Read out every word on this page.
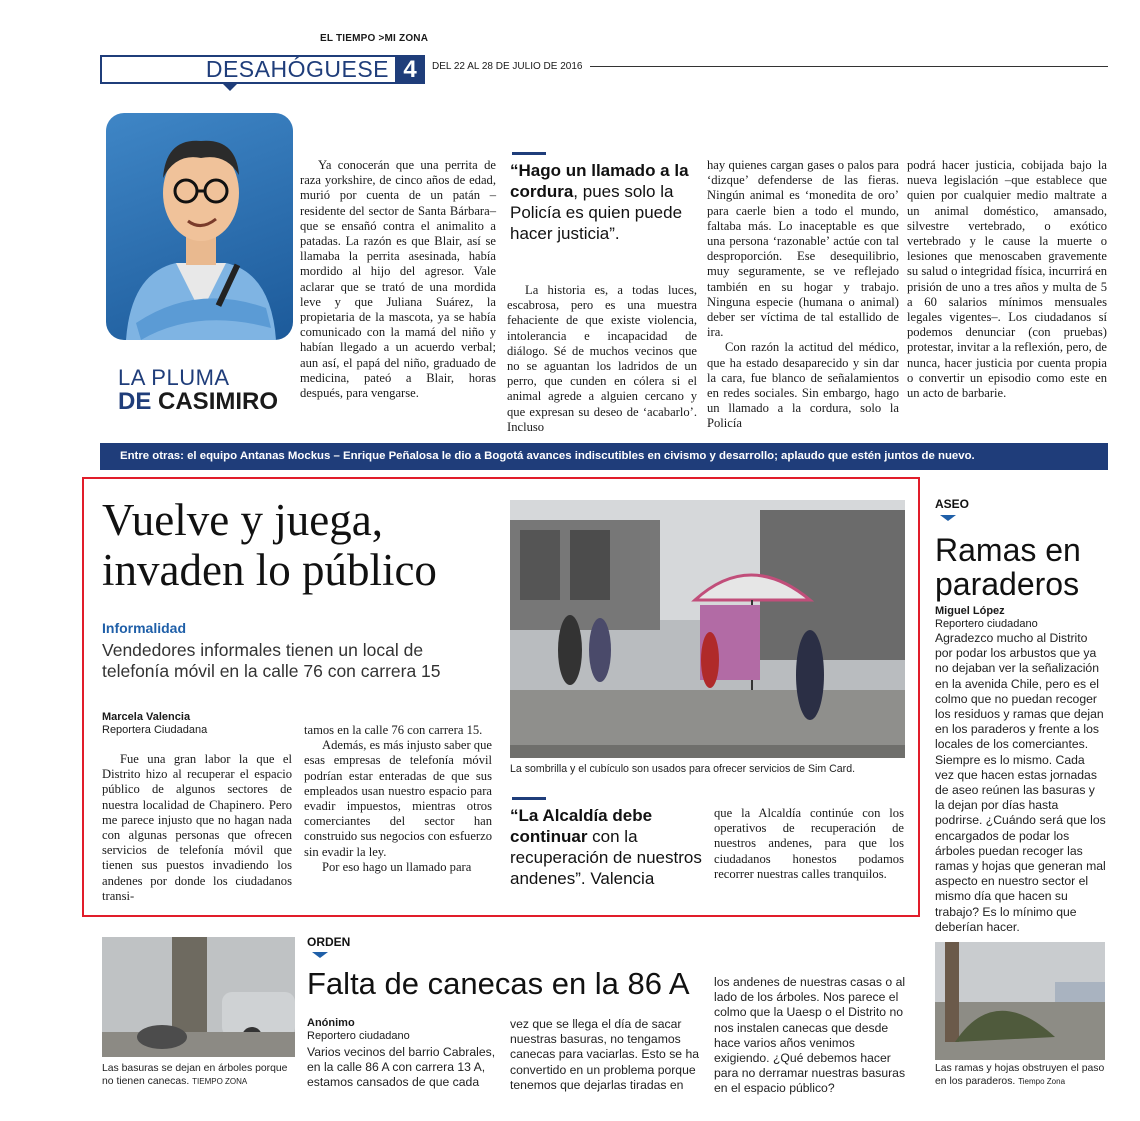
EL TIEMPO >MI ZONA
DESAHÓGUESE 4	DEL 22 AL 28 DE JULIO DE 2016
LA PLUMA
DE CASIMIRO

Ya conocerán que una perrita de raza yorkshire, de cinco años de edad, murió por cuenta de un patán –residente del sector de Santa Bárbara– que se ensañó contra el animalito a patadas. La razón es que Blair, así se llamaba la perrita asesinada, había mordido al hijo del agresor. Vale aclarar que se trató de una mordida leve y que Juliana Suárez, la propietaria de la mascota, ya se había comunicado con la mamá del niño y habían llegado a un acuerdo verbal; aun así, el papá del niño, graduado de medicina, pateó a Blair, horas después, para vengarse.

“Hago un llamado a la cordura, pues solo la Policía es quien puede hacer justicia”.

La historia es, a todas luces, escabrosa, pero es una muestra fehaciente de que existe violencia, intolerancia e incapacidad de diálogo. Sé de muchos vecinos que no se aguantan los ladridos de un perro, que cunden en cólera si el animal agrede a alguien cercano y que expresan su deseo de ‘acabarlo’. Incluso

hay quienes cargan gases o palos para ‘dizque’ defenderse de las fieras. Ningún animal es ‘monedita de oro’ para caerle bien a todo el mundo, faltaba más. Lo inaceptable es que una persona ‘razonable’ actúe con tal desproporción. Ese desequilibrio, muy seguramente, se ve reflejado también en su hogar y trabajo. Ninguna especie (humana o animal) deber ser víctima de tal estallido de ira.

Con razón la actitud del médico, que ha estado desaparecido y sin dar la cara, fue blanco de señalamientos en redes sociales. Sin embargo, hago un llamado a la cordura, solo la Policía

podrá hacer justicia, cobijada bajo la nueva legislación –que establece que quien por cualquier medio maltrate a un animal doméstico, amansado, silvestre vertebrado, o exótico vertebrado y le cause la muerte o lesiones que menoscaben gravemente su salud o integridad física, incurrirá en prisión de uno a tres años y multa de 5 a 60 salarios mínimos mensuales legales vigentes–. Los ciudadanos sí podemos denunciar (con pruebas) protestar, invitar a la reflexión, pero, de nunca, hacer justicia por cuenta propia o convertir un episodio como este en un acto de barbarie.

Entre otras: el equipo Antanas Mockus – Enrique Peñalosa le dio a Bogotá avances indiscutibles en civismo y desarrollo; aplaudo que estén juntos de nuevo.
Vuelve y juega, invaden lo público
Informalidad
Vendedores informales tienen un local de telefonía móvil en la calle 76 con carrera 15
Marcela Valencia
Reportera Ciudadana

Fue una gran labor la que el Distrito hizo al recuperar el espacio público de algunos sectores de nuestra localidad de Chapinero. Pero me parece injusto que no hagan nada con algunas personas que ofrecen servicios de telefonía móvil que tienen sus puestos invadiendo los andenes por donde los ciudadanos transi-

tamos en la calle 76 con carrera 15.

Además, es más injusto saber que esas empresas de telefonía móvil podrían estar enteradas de que sus empleados usan nuestro espacio para evadir impuestos, mientras otros comerciantes del sector han construido sus negocios con esfuerzo sin evadir la ley.

Por eso hago un llamado para

La sombrilla y el cubículo son usados para ofrecer servicios de Sim Card.
“La Alcaldía debe continuar con la recuperación de nuestros andenes”. Valencia

que la Alcaldía continúe con los operativos de recuperación de nuestros andenes, para que los ciudadanos honestos podamos recorrer nuestras calles tranquilos.

ASEO
Ramas en paraderos
Miguel López
Reportero ciudadano
Agradezco mucho al Distrito por podar los arbustos que ya no dejaban ver la señalización en la avenida Chile, pero es el colmo que no puedan recoger los residuos y ramas que dejan en los paraderos y frente a los locales de los comerciantes. Siempre es lo mismo. Cada vez que hacen estas jornadas de aseo reúnen las basuras y la dejan por días hasta podrirse. ¿Cuándo será que los encargados de podar los árboles puedan recoger las ramas y hojas que generan mal aspecto en nuestro sector el mismo día que hacen su trabajo? Es lo mínimo que deberían hacer.
Las ramas y hojas obstruyen el paso en los paraderos. Tiempo Zona
Las basuras se dejan en árboles porque no tienen canecas. TIEMPO ZONA
ORDEN
Falta de canecas en la 86 A
Anónimo
Reportero ciudadano
Varios vecinos del barrio Cabrales, en la calle 86 A con carrera 13 A, estamos cansados de que cada
vez que se llega el día de sacar nuestras basuras, no tengamos canecas para vaciarlas. Esto se ha convertido en un problema porque tenemos que dejarlas tiradas en
los andenes de nuestras casas o al lado de los árboles. Nos parece el colmo que la Uaesp o el Distrito no nos instalen canecas que desde hace varios años venimos exigiendo. ¿Qué debemos hacer para no derramar nuestras basuras en el espacio público?
